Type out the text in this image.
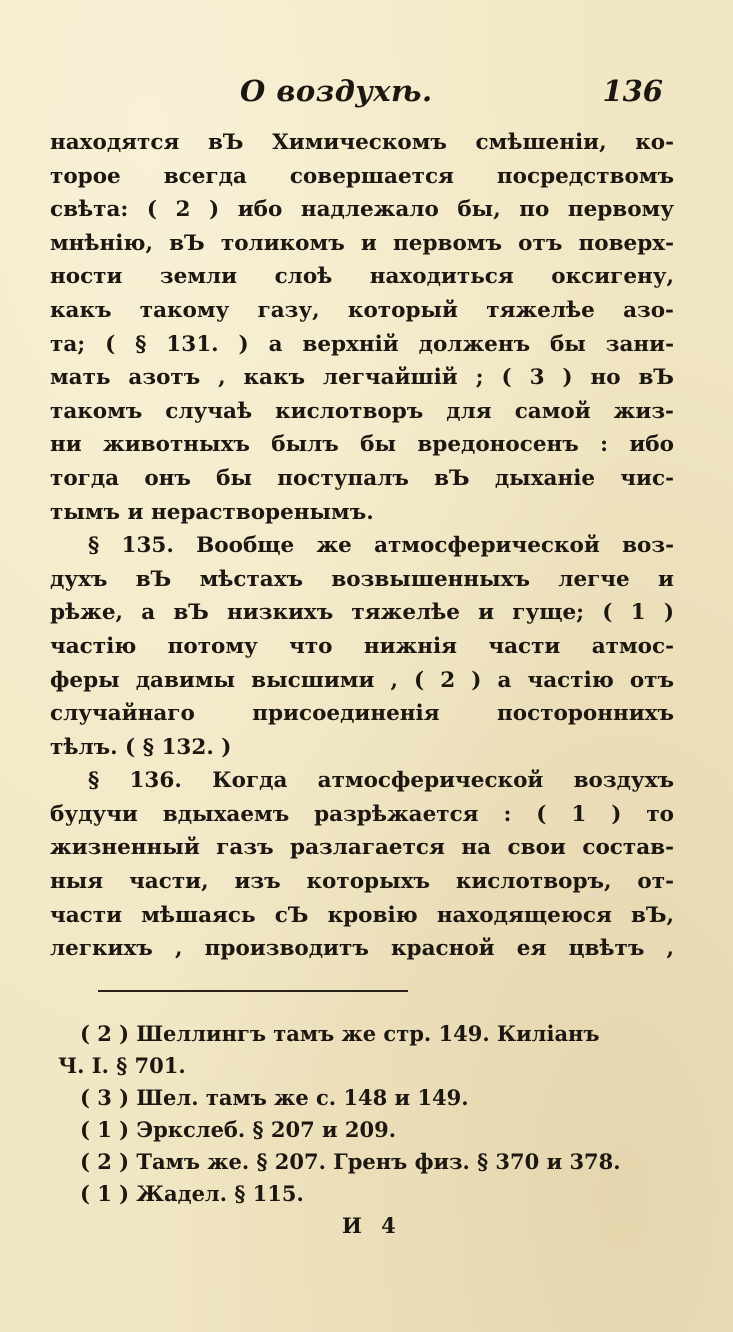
О воздухѣ.	136
находятся вЪ Химическомъ смѣшенiи, ко-
торое всегда совершается посредствомъ
свѣта: ( 2 ) ибо надлежало бы, по первому
мнѣнiю, вЪ толикомъ и первомъ отъ поверх-
ности земли слоѣ находиться оксигену,
какъ такому газу, который тяжелѣе азо-
та; ( § 131. ) а верхнiй долженъ бы зани-
мать азотъ , какъ легчайшiй ; ( 3 ) но вЪ
такомъ случаѣ кислотворъ для самой жиз-
ни животныхъ былъ бы вредоносенъ : ибо
тогда онъ бы поступалъ вЪ дыханiе чис-
тымъ и нерастворенымъ.
§ 135. Вообще же атмосферической воз-
духъ вЪ мѣстахъ возвышенныхъ легче и
рѣже, а вЪ низкихъ тяжелѣе и гуще; ( 1 )
частiю потому что нижнiя части атмос-
феры давимы высшими , ( 2 ) а частiю отъ
случайнаго присоединенiя постороннихъ
тѣлъ. ( § 132. )
§ 136. Когда атмосферической воздухъ
будучи вдыхаемъ разрѣжается : ( 1 ) то
жизненный газъ разлагается на свои состав-
ныя части, изъ которыхъ кислотворъ, от-
части мѣшаясь сЪ кровiю находящеюся вЪ,
легкихъ , производитъ красной ея цвѣтъ ,
( 2 ) Шеллингъ тамъ же стр. 149. Килiанъ
Ч. I. § 701.
( 3 ) Шел. тамъ же с. 148 и 149.
( 1 ) Эркслеб. § 207 и 209.
( 2 ) Тамъ же. § 207. Гренъ физ. § 370 и 378.
( 1 ) Жадел. § 115.
И 4
